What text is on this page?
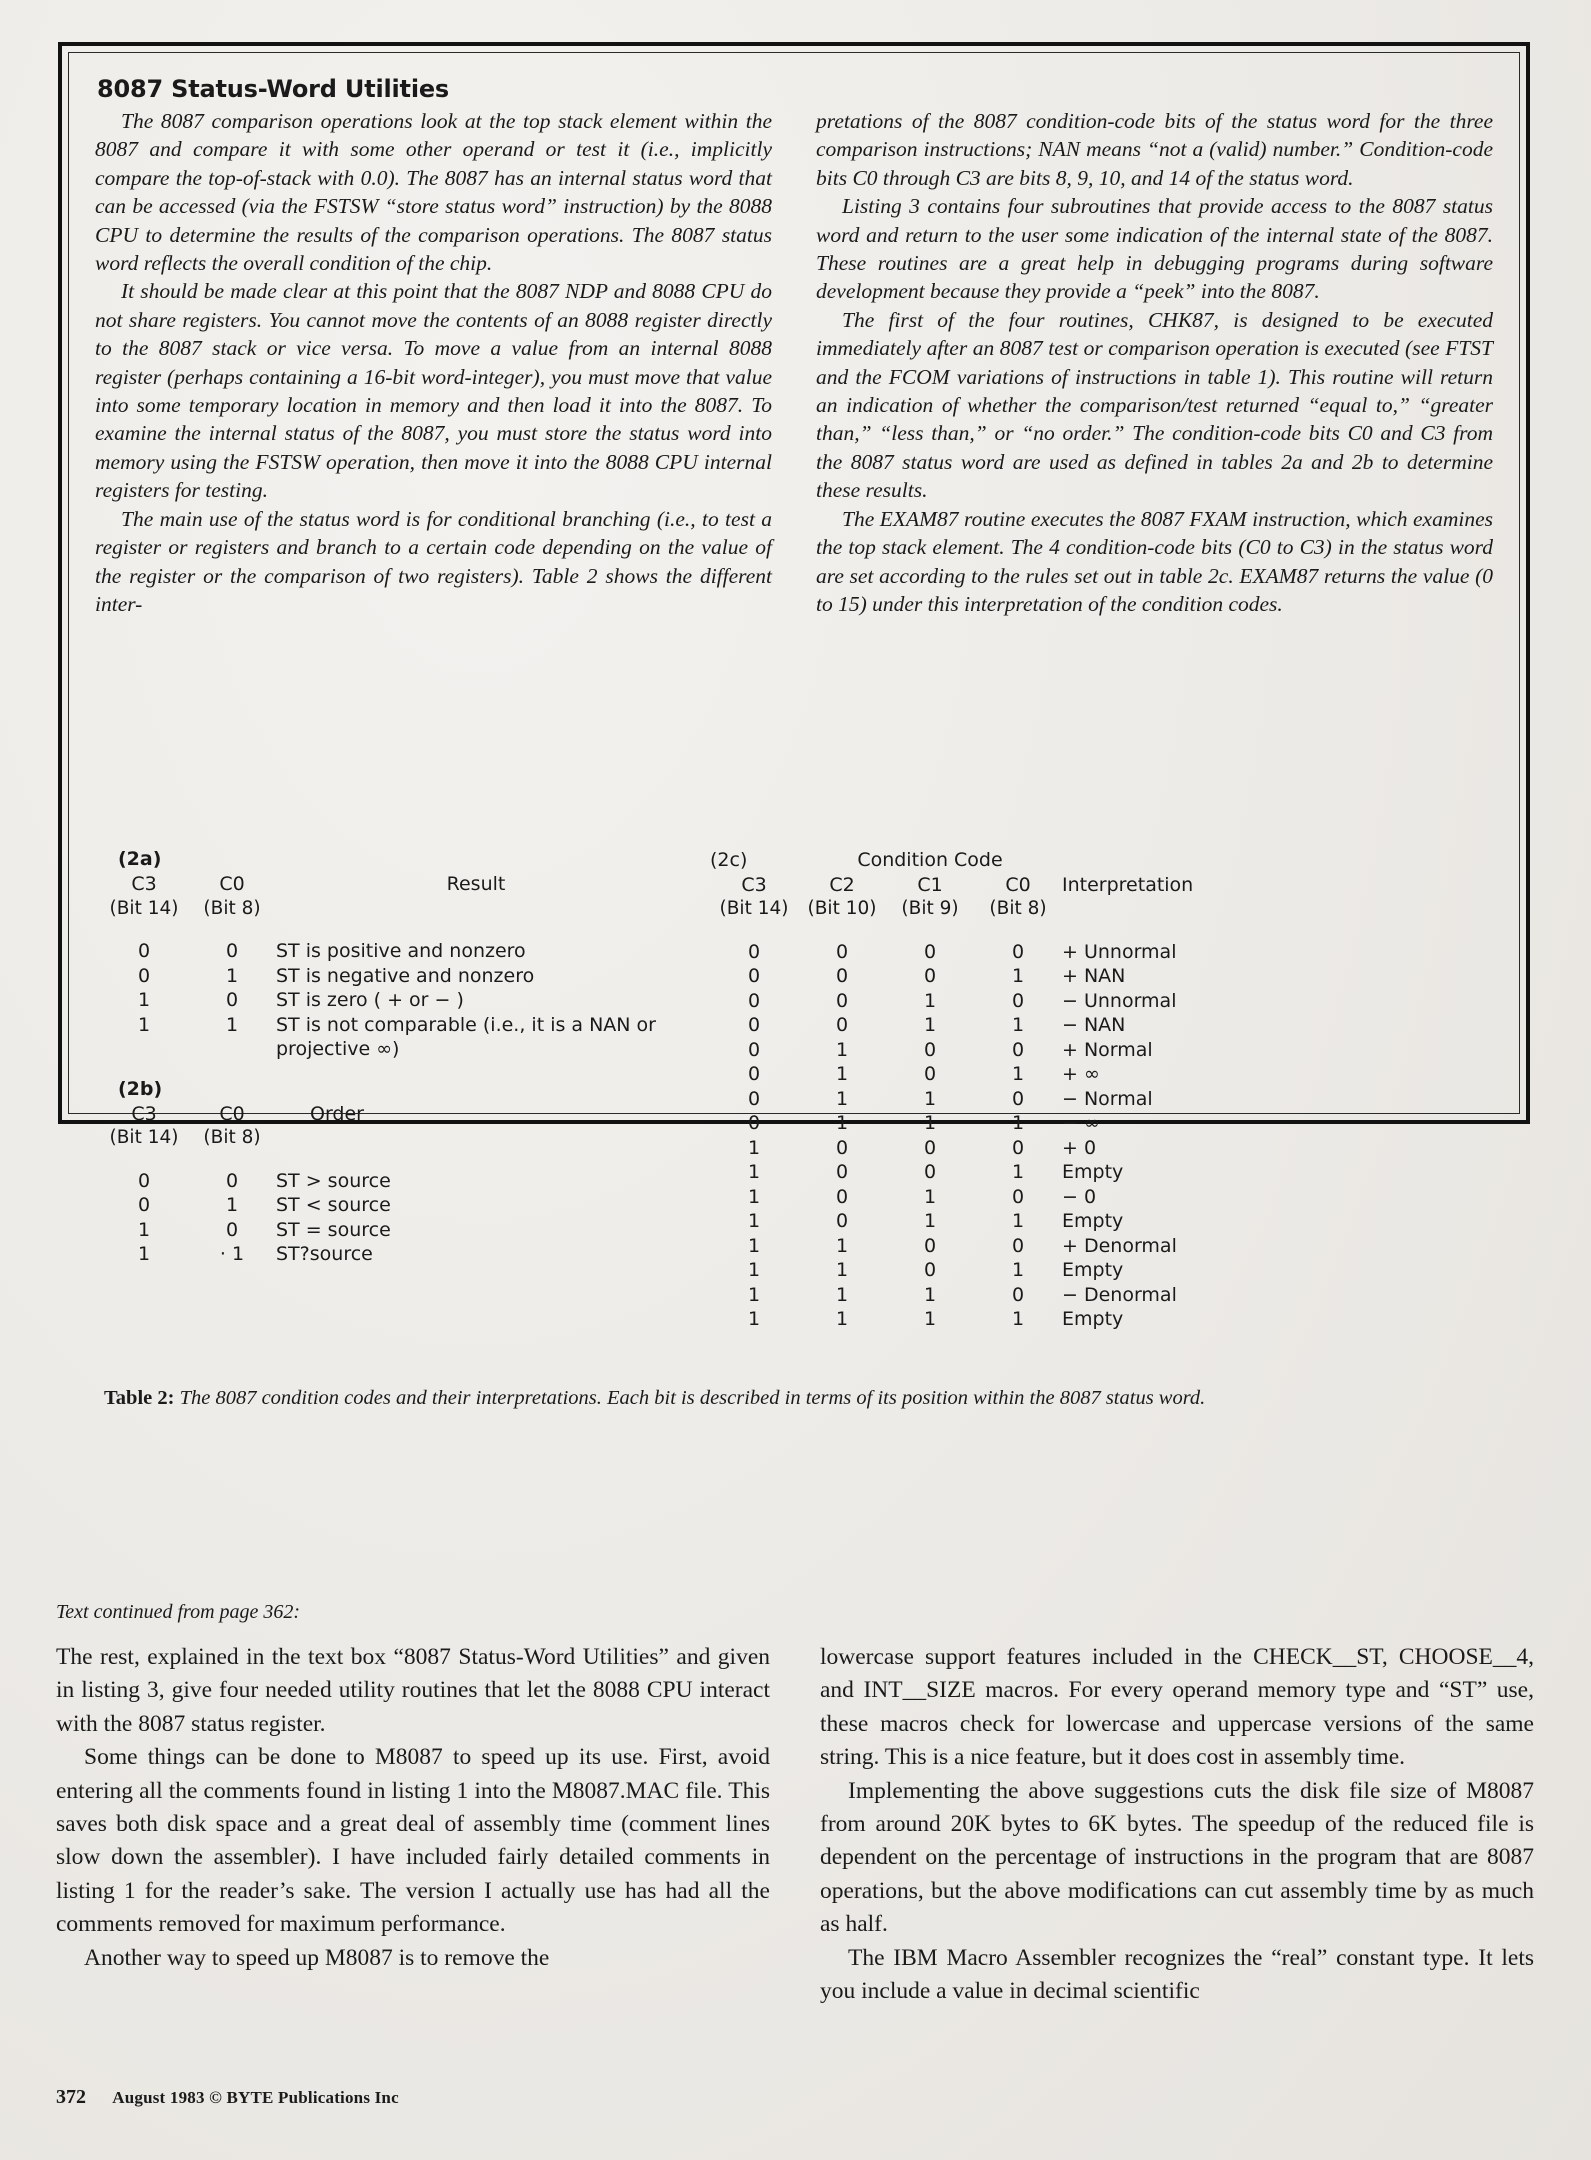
8087 Status-Word Utilities

The 8087 comparison operations look at the top stack element within the 8087 and compare it with some other operand or test it (i.e., implicitly compare the top-of-stack with 0.0). The 8087 has an internal status word that can be accessed (via the FSTSW “store status word” instruction) by the 8088 CPU to determine the results of the comparison operations. The 8087 status word reflects the overall condition of the chip.

It should be made clear at this point that the 8087 NDP and 8088 CPU do not share registers. You cannot move the contents of an 8088 register directly to the 8087 stack or vice versa. To move a value from an internal 8088 register (perhaps containing a 16-bit word-integer), you must move that value into some temporary location in memory and then load it into the 8087. To examine the internal status of the 8087, you must store the status word into memory using the FSTSW operation, then move it into the 8088 CPU internal registers for testing.

The main use of the status word is for conditional branching (i.e., to test a register or registers and branch to a certain code depending on the value of the register or the comparison of two registers). Table 2 shows the different inter-

pretations of the 8087 condition-code bits of the status word for the three comparison instructions; NAN means “not a (valid) number.” Condition-code bits C0 through C3 are bits 8, 9, 10, and 14 of the status word.

Listing 3 contains four subroutines that provide access to the 8087 status word and return to the user some indication of the internal state of the 8087. These routines are a great help in debugging programs during software development because they provide a “peek” into the 8087.

The first of the four routines, CHK87, is designed to be executed immediately after an 8087 test or comparison operation is executed (see FTST and the FCOM variations of instructions in table 1). This routine will return an indication of whether the comparison/test returned “equal to,” “greater than,” “less than,” or “no order.” The condition-code bits C0 and C3 from the 8087 status word are used as defined in tables 2a and 2b to determine these results.

The EXAM87 routine executes the 8087 FXAM instruction, which examines the top stack element. The 4 condition-code bits (C0 to C3) in the status word are set according to the rules set out in table 2c. EXAM87 returns the value (0 to 15) under this interpretation of the condition codes.

(2a)
C3	C0	Result
(Bit 14)	(Bit 8)	

0	0	ST is positive and nonzero
0	1	ST is negative and nonzero
1	0	ST is zero ( + or − )
1	1	ST is not comparable (i.e., it is a NAN or projective ∞)
(2b)
C3	C0	Order
(Bit 14)	(Bit 8)	

0	0	ST > source
0	1	ST < source
1	0	ST = source
1	· 1	ST?source
(2c)	Condition Code			
C3	C2	C1	C0	Interpretation
(Bit 14)	(Bit 10)	(Bit 9)	(Bit 8)	

0	0	0	0	+ Unnormal
0	0	0	1	+ NAN
0	0	1	0	− Unnormal
0	0	1	1	− NAN
0	1	0	0	+ Normal
0	1	0	1	+ ∞
0	1	1	0	− Normal
0	1	1	1	− ∞
1	0	0	0	+ 0
1	0	0	1	Empty
1	0	1	0	− 0
1	0	1	1	Empty
1	1	0	0	+ Denormal
1	1	0	1	Empty
1	1	1	0	− Denormal
1	1	1	1	Empty
Table 2: The 8087 condition codes and their interpretations. Each bit is described in terms of its position within the 8087 status word.
Text continued from page 362:

The rest, explained in the text box “8087 Status-Word Utilities” and given in listing 3, give four needed utility routines that let the 8088 CPU interact with the 8087 status register.

Some things can be done to M8087 to speed up its use. First, avoid entering all the comments found in listing 1 into the M8087.MAC file. This saves both disk space and a great deal of assembly time (comment lines slow down the assembler). I have included fairly detailed comments in listing 1 for the reader’s sake. The version I actually use has had all the comments removed for maximum performance.

Another way to speed up M8087 is to remove the

lowercase support features included in the CHECK__ST, CHOOSE__4, and INT__SIZE macros. For every operand memory type and “ST” use, these macros check for lowercase and uppercase versions of the same string. This is a nice feature, but it does cost in assembly time.

Implementing the above suggestions cuts the disk file size of M8087 from around 20K bytes to 6K bytes. The speedup of the reduced file is dependent on the percentage of instructions in the program that are 8087 operations, but the above modifications can cut assembly time by as much as half.

The IBM Macro Assembler recognizes the “real” constant type. It lets you include a value in decimal scientific

372 August 1983 © BYTE Publications Inc
